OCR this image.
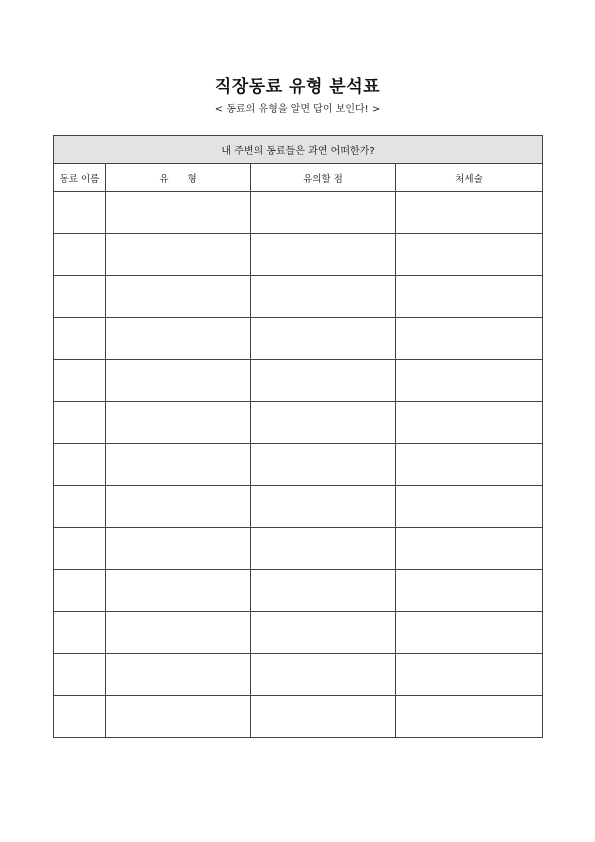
직장동료 유형 분석표
< 동료의 유형을 알면 답이 보인다! >
내 주변의 동료들은 과연 어떠한가?			
동료 이름	유　　형	유의할 점	처세술
